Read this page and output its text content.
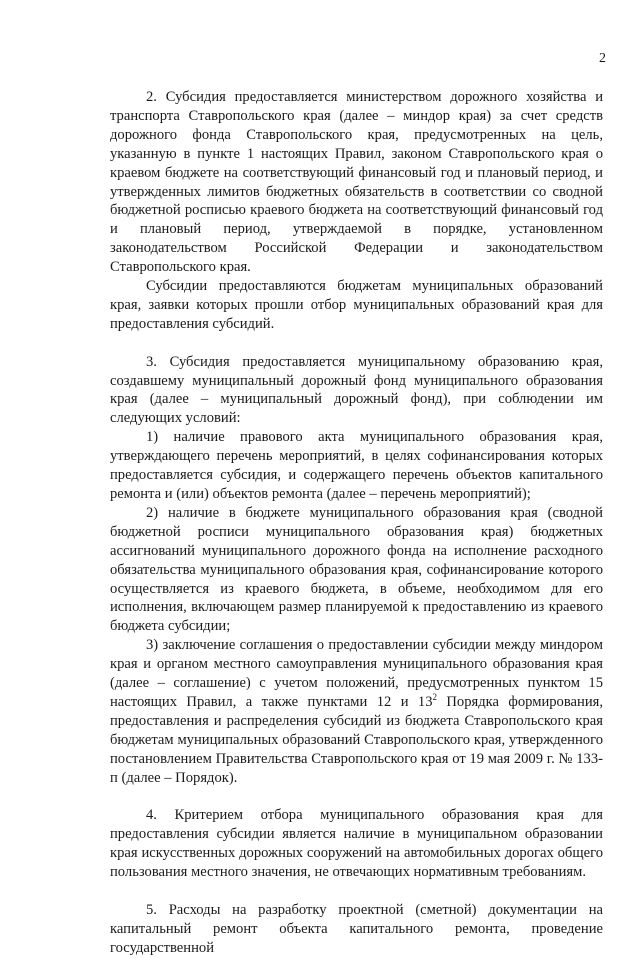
2

2. Субсидия предоставляется министерством дорожного хозяйства и транспорта Ставропольского края (далее – миндор края) за счет средств дорожного фонда Ставропольского края, предусмотренных на цель, указанную в пункте 1 настоящих Правил, законом Ставропольского края о краевом бюджете на соответствующий финансовый год и плановый период, и утвержденных лимитов бюджетных обязательств в соответствии со сводной бюджетной росписью краевого бюджета на соответствующий финансовый год и плановый период, утверждаемой в порядке, установленном законодательством Российской Федерации и законодательством Ставропольского края.

Субсидии предоставляются бюджетам муниципальных образований края, заявки которых прошли отбор муниципальных образований края для предоставления субсидий.

3. Субсидия предоставляется муниципальному образованию края, создавшему муниципальный дорожный фонд муниципального образования края (далее – муниципальный дорожный фонд), при соблюдении им следующих условий:

1) наличие правового акта муниципального образования края, утверждающего перечень мероприятий, в целях софинансирования которых предоставляется субсидия, и содержащего перечень объектов капитального ремонта и (или) объектов ремонта (далее – перечень мероприятий);

2) наличие в бюджете муниципального образования края (сводной бюджетной росписи муниципального образования края) бюджетных ассигнований муниципального дорожного фонда на исполнение расходного обязательства муниципального образования края, софинансирование которого осуществляется из краевого бюджета, в объеме, необходимом для его исполнения, включающем размер планируемой к предоставлению из краевого бюджета субсидии;

3) заключение соглашения о предоставлении субсидии между миндором края и органом местного самоуправления муниципального образования края (далее – соглашение) с учетом положений, предусмотренных пунктом 15 настоящих Правил, а также пунктами 12 и $13^2$ Порядка формирования, предоставления и распределения субсидий из бюджета Ставропольского края бюджетам муниципальных образований Ставропольского края, утвержденного постановлением Правительства Ставропольского края от 19 мая 2009 г. № 133-п (далее – Порядок).

4. Критерием отбора муниципального образования края для предоставления субсидии является наличие в муниципальном образовании края искусственных дорожных сооружений на автомобильных дорогах общего пользования местного значения, не отвечающих нормативным требованиям.

5. Расходы на разработку проектной (сметной) документации на капитальный ремонт объекта капитального ремонта, проведение государственной
